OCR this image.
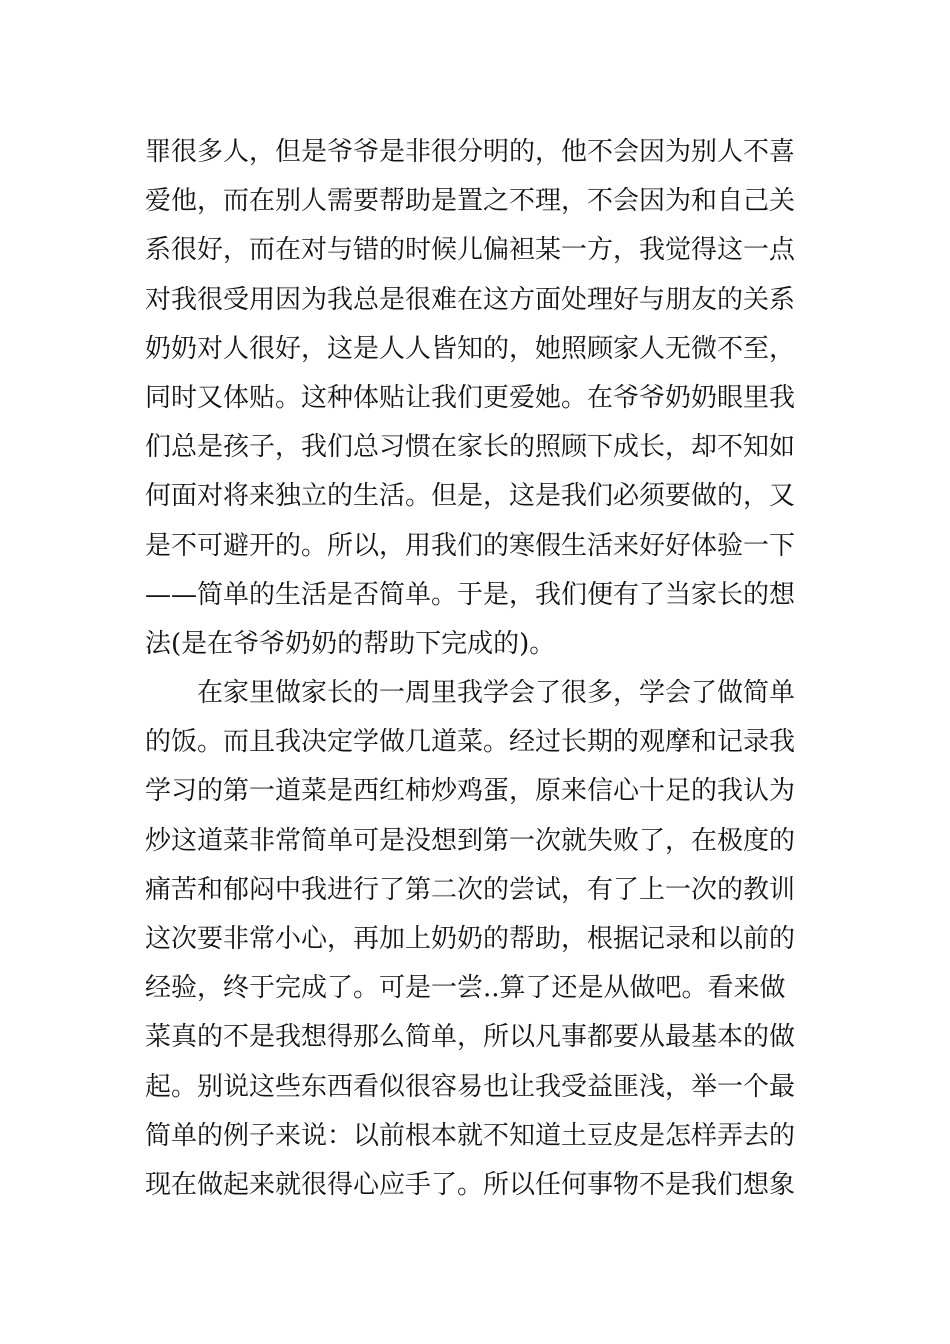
罪很多人，但是爷爷是非很分明的，他不会因为别人不喜
爱他，而在别人需要帮助是置之不理，不会因为和自己关
系很好，而在对与错的时候儿偏袒某一方，我觉得这一点
对我很受用因为我总是很难在这方面处理好与朋友的关系
奶奶对人很好，这是人人皆知的，她照顾家人无微不至，
同时又体贴。这种体贴让我们更爱她。在爷爷奶奶眼里我
们总是孩子，我们总习惯在家长的照顾下成长，却不知如
何面对将来独立的生活。但是，这是我们必须要做的，又
是不可避开的。所以，用我们的寒假生活来好好体验一下
——简单的生活是否简单。于是，我们便有了当家长的想
法(是在爷爷奶奶的帮助下完成的)。
在家里做家长的一周里我学会了很多，学会了做简单
的饭。而且我决定学做几道菜。经过长期的观摩和记录我
学习的第一道菜是西红柿炒鸡蛋，原来信心十足的我认为
炒这道菜非常简单可是没想到第一次就失败了，在极度的
痛苦和郁闷中我进行了第二次的尝试，有了上一次的教训
这次要非常小心，再加上奶奶的帮助，根据记录和以前的
经验，终于完成了。可是一尝..算了还是从做吧。看来做
菜真的不是我想得那么简单，所以凡事都要从最基本的做
起。别说这些东西看似很容易也让我受益匪浅，举一个最
简单的例子来说：以前根本就不知道土豆皮是怎样弄去的
现在做起来就很得心应手了。所以任何事物不是我们想象
